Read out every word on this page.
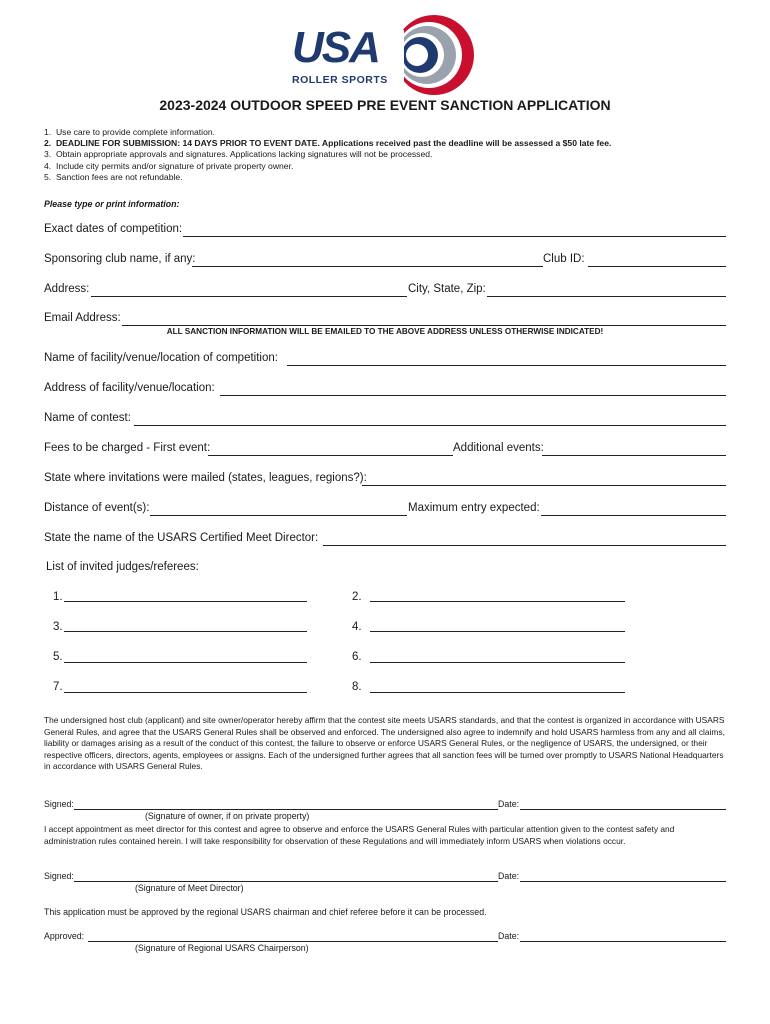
USA
ROLLER SPORTS
2023-2024 OUTDOOR SPEED PRE EVENT SANCTION APPLICATION
1. Use care to provide complete information.
2. DEADLINE FOR SUBMISSION: 14 DAYS PRIOR TO EVENT DATE. Applications received past the deadline will be assessed a $50 late fee.
3. Obtain appropriate approvals and signatures. Applications lacking signatures will not be processed.
4. Include city permits and/or signature of private property owner.
5. Sanction fees are not refundable.
Please type or print information:
Exact dates of competition:
Sponsoring club name, if any:	Club ID:
Address:	City, State, Zip:
Email Address:
ALL SANCTION INFORMATION WILL BE EMAILED TO THE ABOVE ADDRESS UNLESS OTHERWISE INDICATED!
Name of facility/venue/location of competition:
Address of facility/venue/location:
Name of contest:
Fees to be charged - First event:	Additional events:
State where invitations were mailed (states, leagues, regions?):
Distance of event(s):	Maximum entry expected:
State the name of the USARS Certified Meet Director:
List of invited judges/referees:
1.	2.
3.	4.
5.	6.
7.	8.
The undersigned host club (applicant) and site owner/operator hereby affirm that the contest site meets USARS standards, and that the contest is organized in accordance with USARS General Rules, and agree that the USARS General Rules shall be observed and enforced. The undersigned also agree to indemnify and hold USARS harmless from any and all claims, liability or damages arising as a result of the conduct of this contest, the failure to observe or enforce USARS General Rules, or the negligence of USARS, the undersigned, or their respective officers, directors, agents, employees or assigns. Each of the undersigned further agrees that all sanction fees will be turned over promptly to USARS National Headquarters in accordance with USARS General Rules.
Signed:	Date:
(Signature of owner, if on private property)
I accept appointment as meet director for this contest and agree to observe and enforce the USARS General Rules with particular attention given to the contest safety and administration rules contained herein. I will take responsibility for observation of these Regulations and will immediately inform USARS when violations occur.
Signed:	Date:
(Signature of Meet Director)
This application must be approved by the regional USARS chairman and chief referee before it can be processed.
Approved:	Date:
(Signature of Regional USARS Chairperson)
